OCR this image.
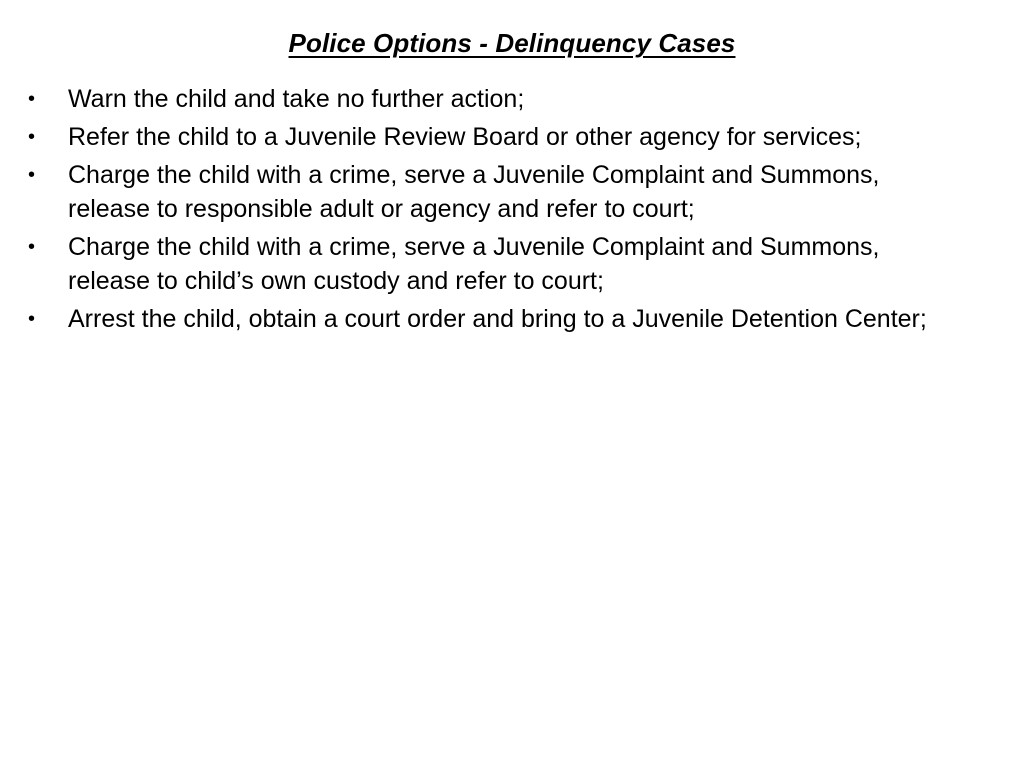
Police Options - Delinquency Cases
•	Warn the child and take no further action;
•	Refer the child to a Juvenile Review Board or other agency for services;
•	Charge the child with a crime, serve a Juvenile Complaint and Summons, release to responsible adult or agency and refer to court;
•	Charge the child with a crime, serve a Juvenile Complaint and Summons, release to child’s own custody and refer to court;
•	Arrest the child, obtain a court order and bring to a Juvenile Detention Center;
